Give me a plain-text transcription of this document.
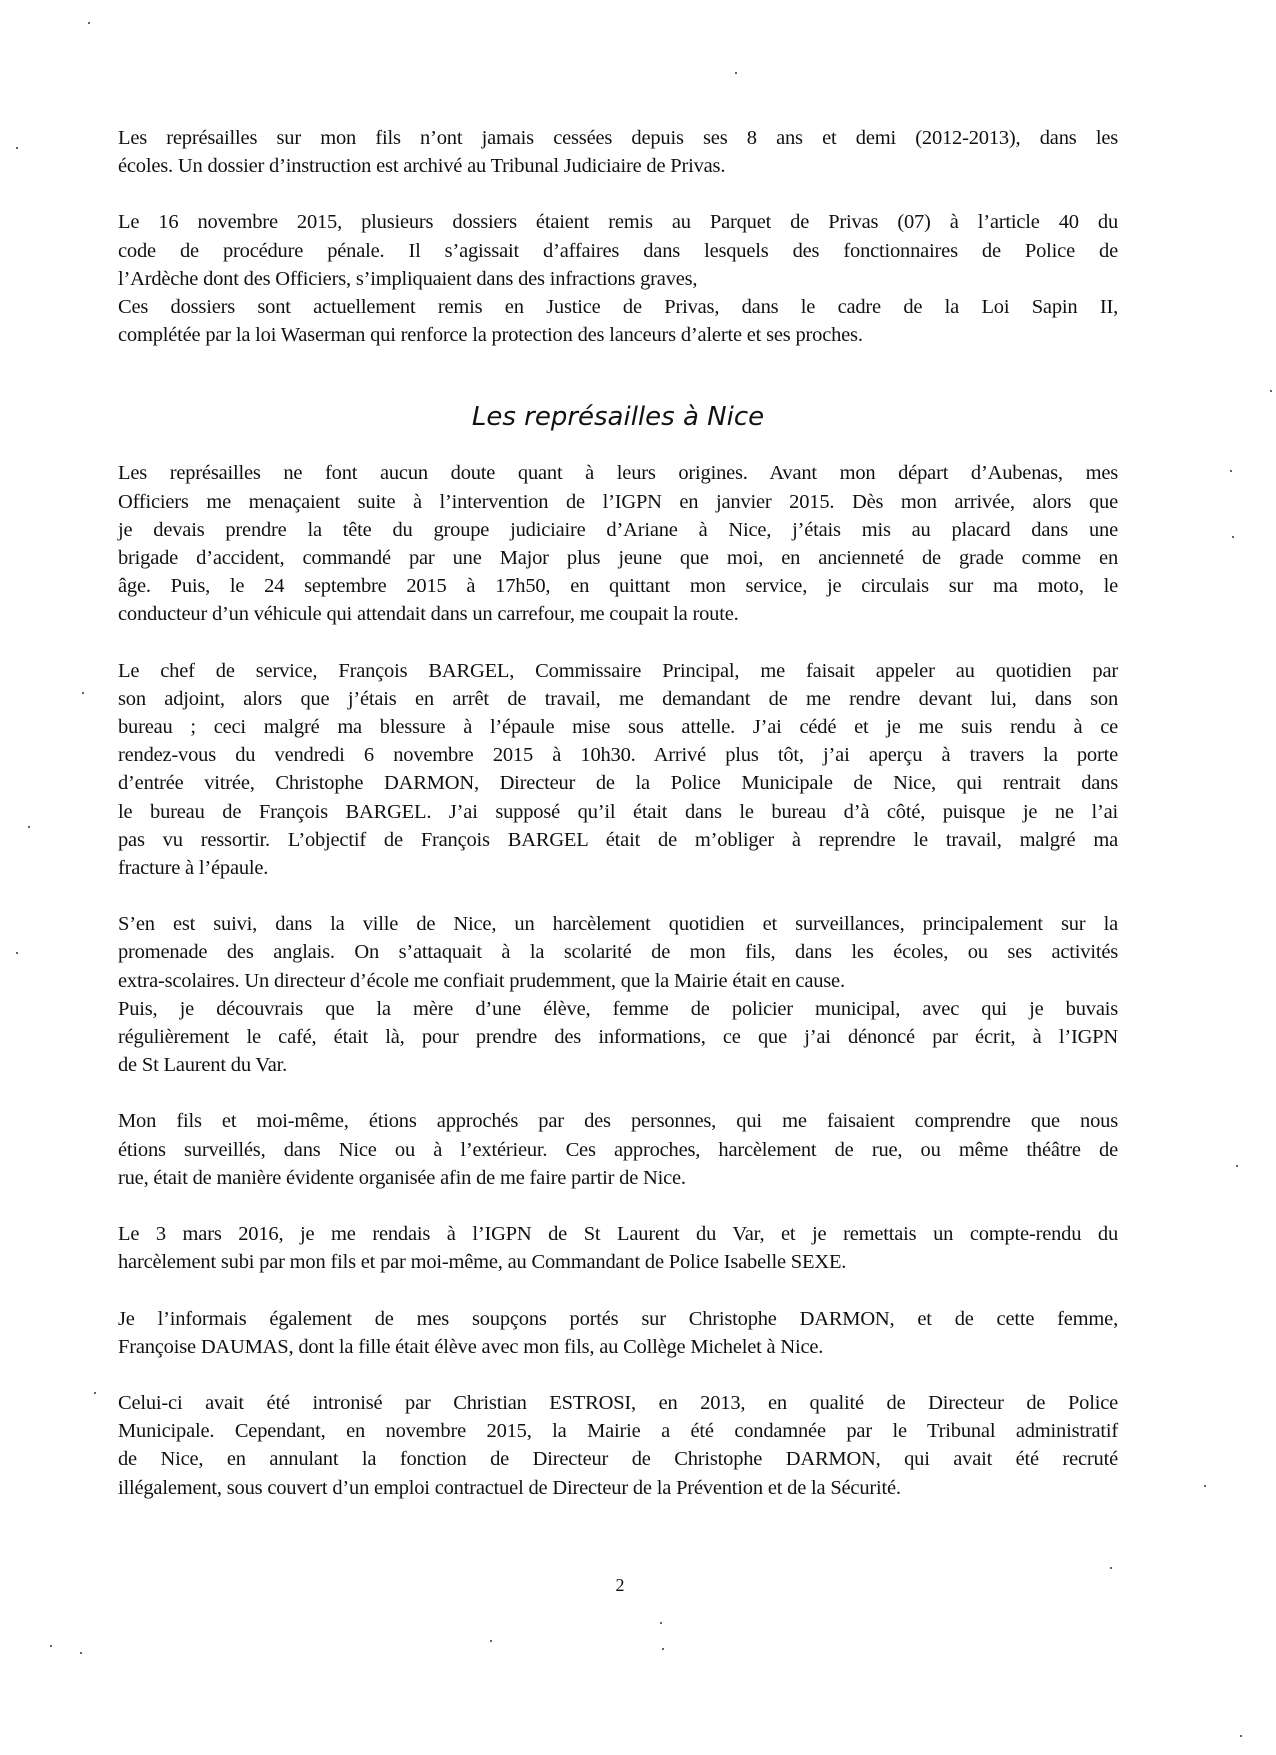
Les représailles sur mon fils n’ont jamais cessées depuis ses 8 ans et demi (2012-2013), dans les
écoles. Un dossier d’instruction est archivé au Tribunal Judiciaire de Privas.

Le 16 novembre 2015, plusieurs dossiers étaient remis au Parquet de Privas (07) à l’article 40 du
code de procédure pénale. Il s’agissait d’affaires dans lesquels des fonctionnaires de Police de
l’Ardèche dont des Officiers, s’impliquaient dans des infractions graves,
Ces dossiers sont actuellement remis en Justice de Privas, dans le cadre de la Loi Sapin II,
complétée par la loi Waserman qui renforce la protection des lanceurs d’alerte et ses proches.

Les représailles à Nice

Les représailles ne font aucun doute quant à leurs origines. Avant mon départ d’Aubenas, mes
Officiers me menaçaient suite à l’intervention de l’IGPN en janvier 2015. Dès mon arrivée, alors que
je devais prendre la tête du groupe judiciaire d’Ariane à Nice, j’étais mis au placard dans une
brigade d’accident, commandé par une Major plus jeune que moi, en ancienneté de grade comme en
âge. Puis, le 24 septembre 2015 à 17h50, en quittant mon service, je circulais sur ma moto, le
conducteur d’un véhicule qui attendait dans un carrefour, me coupait la route.

Le chef de service, François BARGEL, Commissaire Principal, me faisait appeler au quotidien par
son adjoint, alors que j’étais en arrêt de travail, me demandant de me rendre devant lui, dans son
bureau ; ceci malgré ma blessure à l’épaule mise sous attelle. J’ai cédé et je me suis rendu à ce
rendez-vous du vendredi 6 novembre 2015 à 10h30. Arrivé plus tôt, j’ai aperçu à travers la porte
d’entrée vitrée, Christophe DARMON, Directeur de la Police Municipale de Nice, qui rentrait dans
le bureau de François BARGEL. J’ai supposé qu’il était dans le bureau d’à côté, puisque je ne l’ai
pas vu ressortir. L’objectif de François BARGEL était de m’obliger à reprendre le travail, malgré ma
fracture à l’épaule.

S’en est suivi, dans la ville de Nice, un harcèlement quotidien et surveillances, principalement sur la
promenade des anglais. On s’attaquait à la scolarité de mon fils, dans les écoles, ou ses activités
extra-scolaires. Un directeur d’école me confiait prudemment, que la Mairie était en cause.
Puis, je découvrais que la mère d’une élève, femme de policier municipal, avec qui je buvais
régulièrement le café, était là, pour prendre des informations, ce que j’ai dénoncé par écrit, à l’IGPN
de St Laurent du Var.

Mon fils et moi-même, étions approchés par des personnes, qui me faisaient comprendre que nous
étions surveillés, dans Nice ou à l’extérieur. Ces approches, harcèlement de rue, ou même théâtre de
rue, était de manière évidente organisée afin de me faire partir de Nice.

Le 3 mars 2016, je me rendais à l’IGPN de St Laurent du Var, et je remettais un compte-rendu du
harcèlement subi par mon fils et par moi-même, au Commandant de Police Isabelle SEXE.

Je l’informais également de mes soupçons portés sur Christophe DARMON, et de cette femme,
Françoise DAUMAS, dont la fille était élève avec mon fils, au Collège Michelet à Nice.

Celui-ci avait été intronisé par Christian ESTROSI, en 2013, en qualité de Directeur de Police
Municipale. Cependant, en novembre 2015, la Mairie a été condamnée par le Tribunal administratif
de Nice, en annulant la fonction de Directeur de Christophe DARMON, qui avait été recruté
illégalement, sous couvert d’un emploi contractuel de Directeur de la Prévention et de la Sécurité.

2
